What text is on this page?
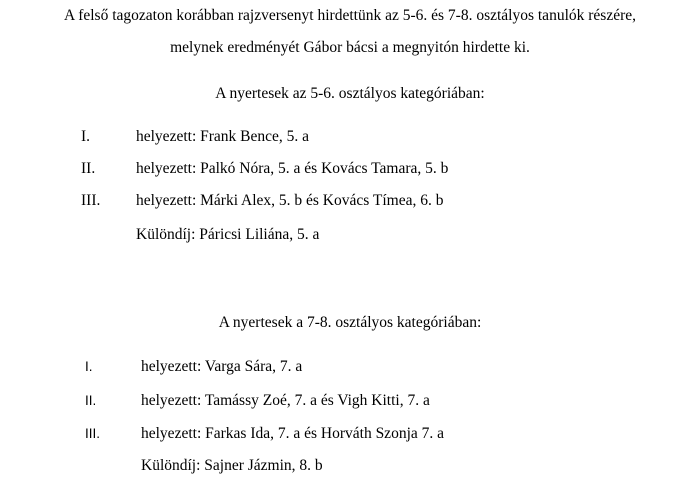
A felső tagozaton korábban rajzversenyt hirdettünk az 5-6. és 7-8. osztályos tanulók részére,
melynek eredményét Gábor bácsi a megnyitón hirdette ki.
A nyertesek az 5-6. osztályos kategóriában:
I.	helyezett: Frank Bence, 5. a
II.	helyezett: Palkó Nóra, 5. a és Kovács Tamara, 5. b
III. helyezett: Márki Alex, 5. b és Kovács Tímea, 6. b
Különdíj: Páricsi Liliána, 5. a
A nyertesek a 7-8. osztályos kategóriában:
I.	helyezett: Varga Sára, 7. a
II.	helyezett: Tamássy Zoé, 7. a és Vigh Kitti, 7. a
III.	helyezett: Farkas Ida, 7. a és Horváth Szonja 7. a
Különdíj: Sajner Jázmin, 8. b
